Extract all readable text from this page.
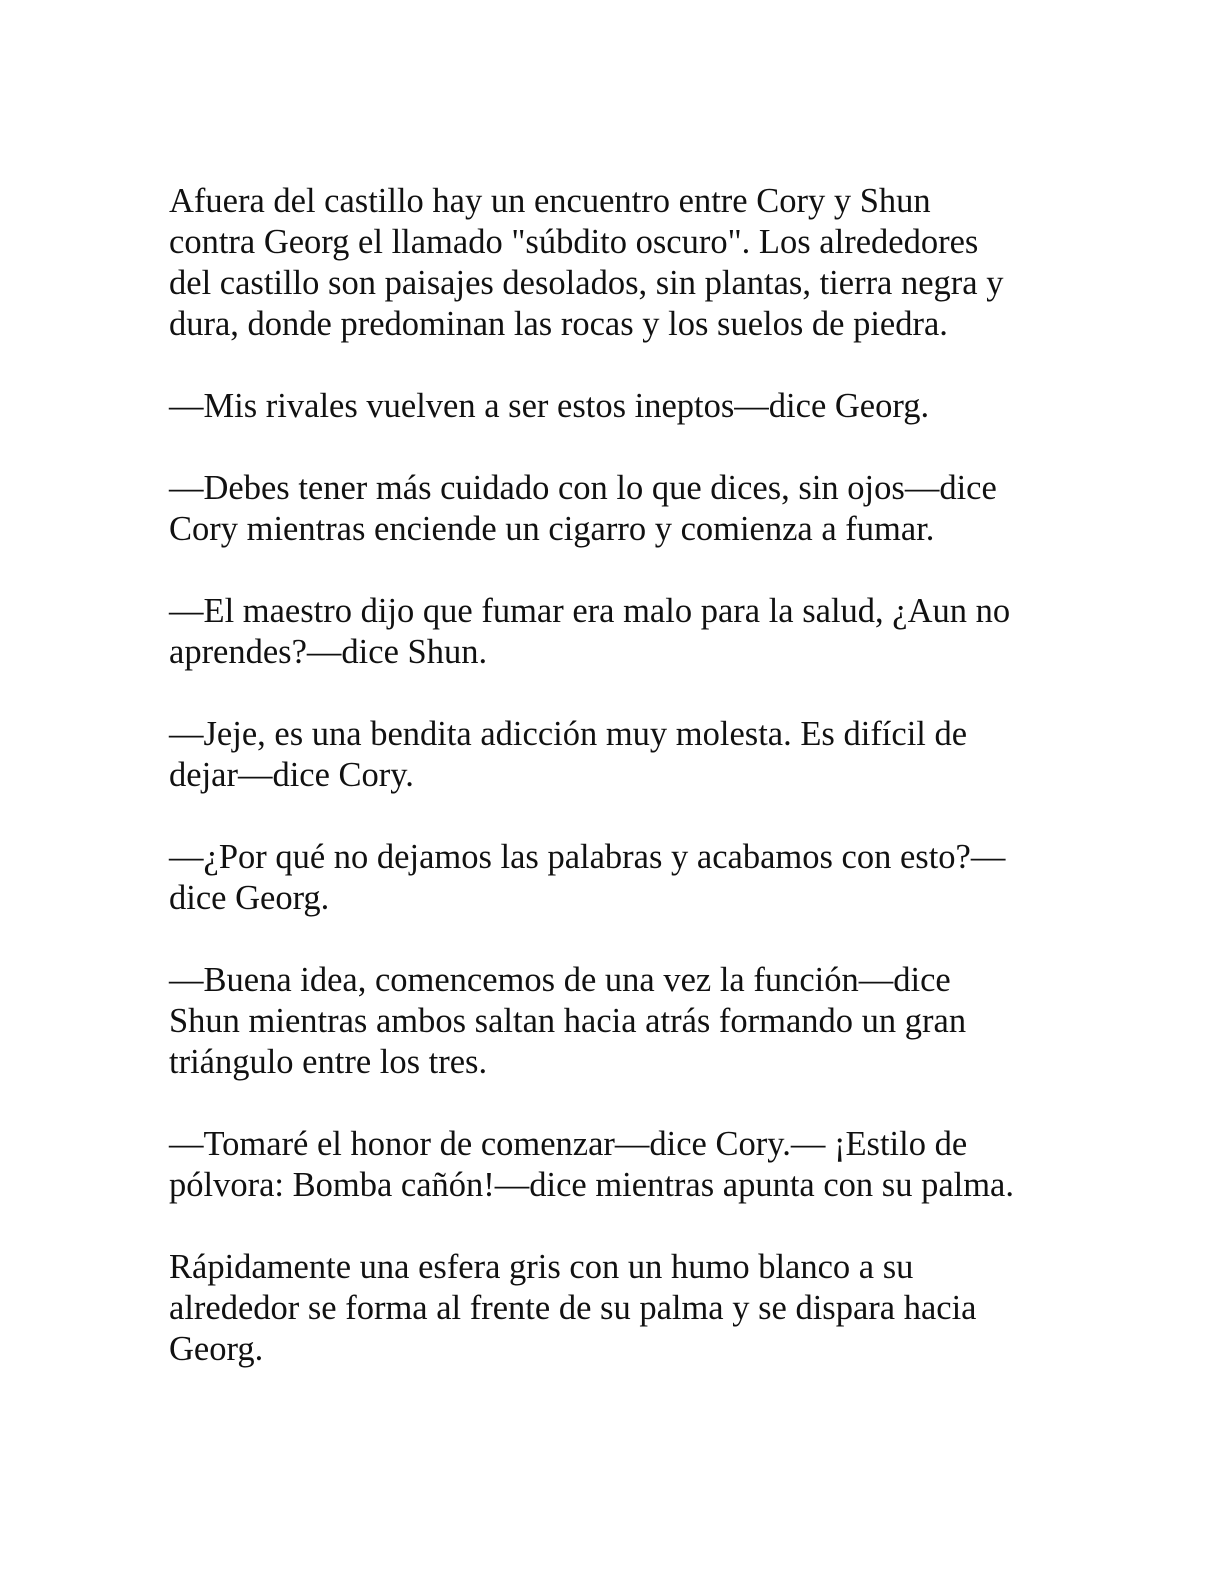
Afuera del castillo hay un encuentro entre Cory y Shun
contra Georg el llamado "súbdito oscuro". Los alrededores
del castillo son paisajes desolados, sin plantas, tierra negra y
dura, donde predominan las rocas y los suelos de piedra.

—Mis rivales vuelven a ser estos ineptos—dice Georg.

—Debes tener más cuidado con lo que dices, sin ojos—dice
Cory mientras enciende un cigarro y comienza a fumar.

—El maestro dijo que fumar era malo para la salud, ¿Aun no
aprendes?—dice Shun.

—Jeje, es una bendita adicción muy molesta. Es difícil de
dejar—dice Cory.

—¿Por qué no dejamos las palabras y acabamos con esto?—
dice Georg.

—Buena idea, comencemos de una vez la función—dice
Shun mientras ambos saltan hacia atrás formando un gran
triángulo entre los tres.

—Tomaré el honor de comenzar—dice Cory.— ¡Estilo de
pólvora: Bomba cañón!—dice mientras apunta con su palma.

Rápidamente una esfera gris con un humo blanco a su
alrededor se forma al frente de su palma y se dispara hacia
Georg.
